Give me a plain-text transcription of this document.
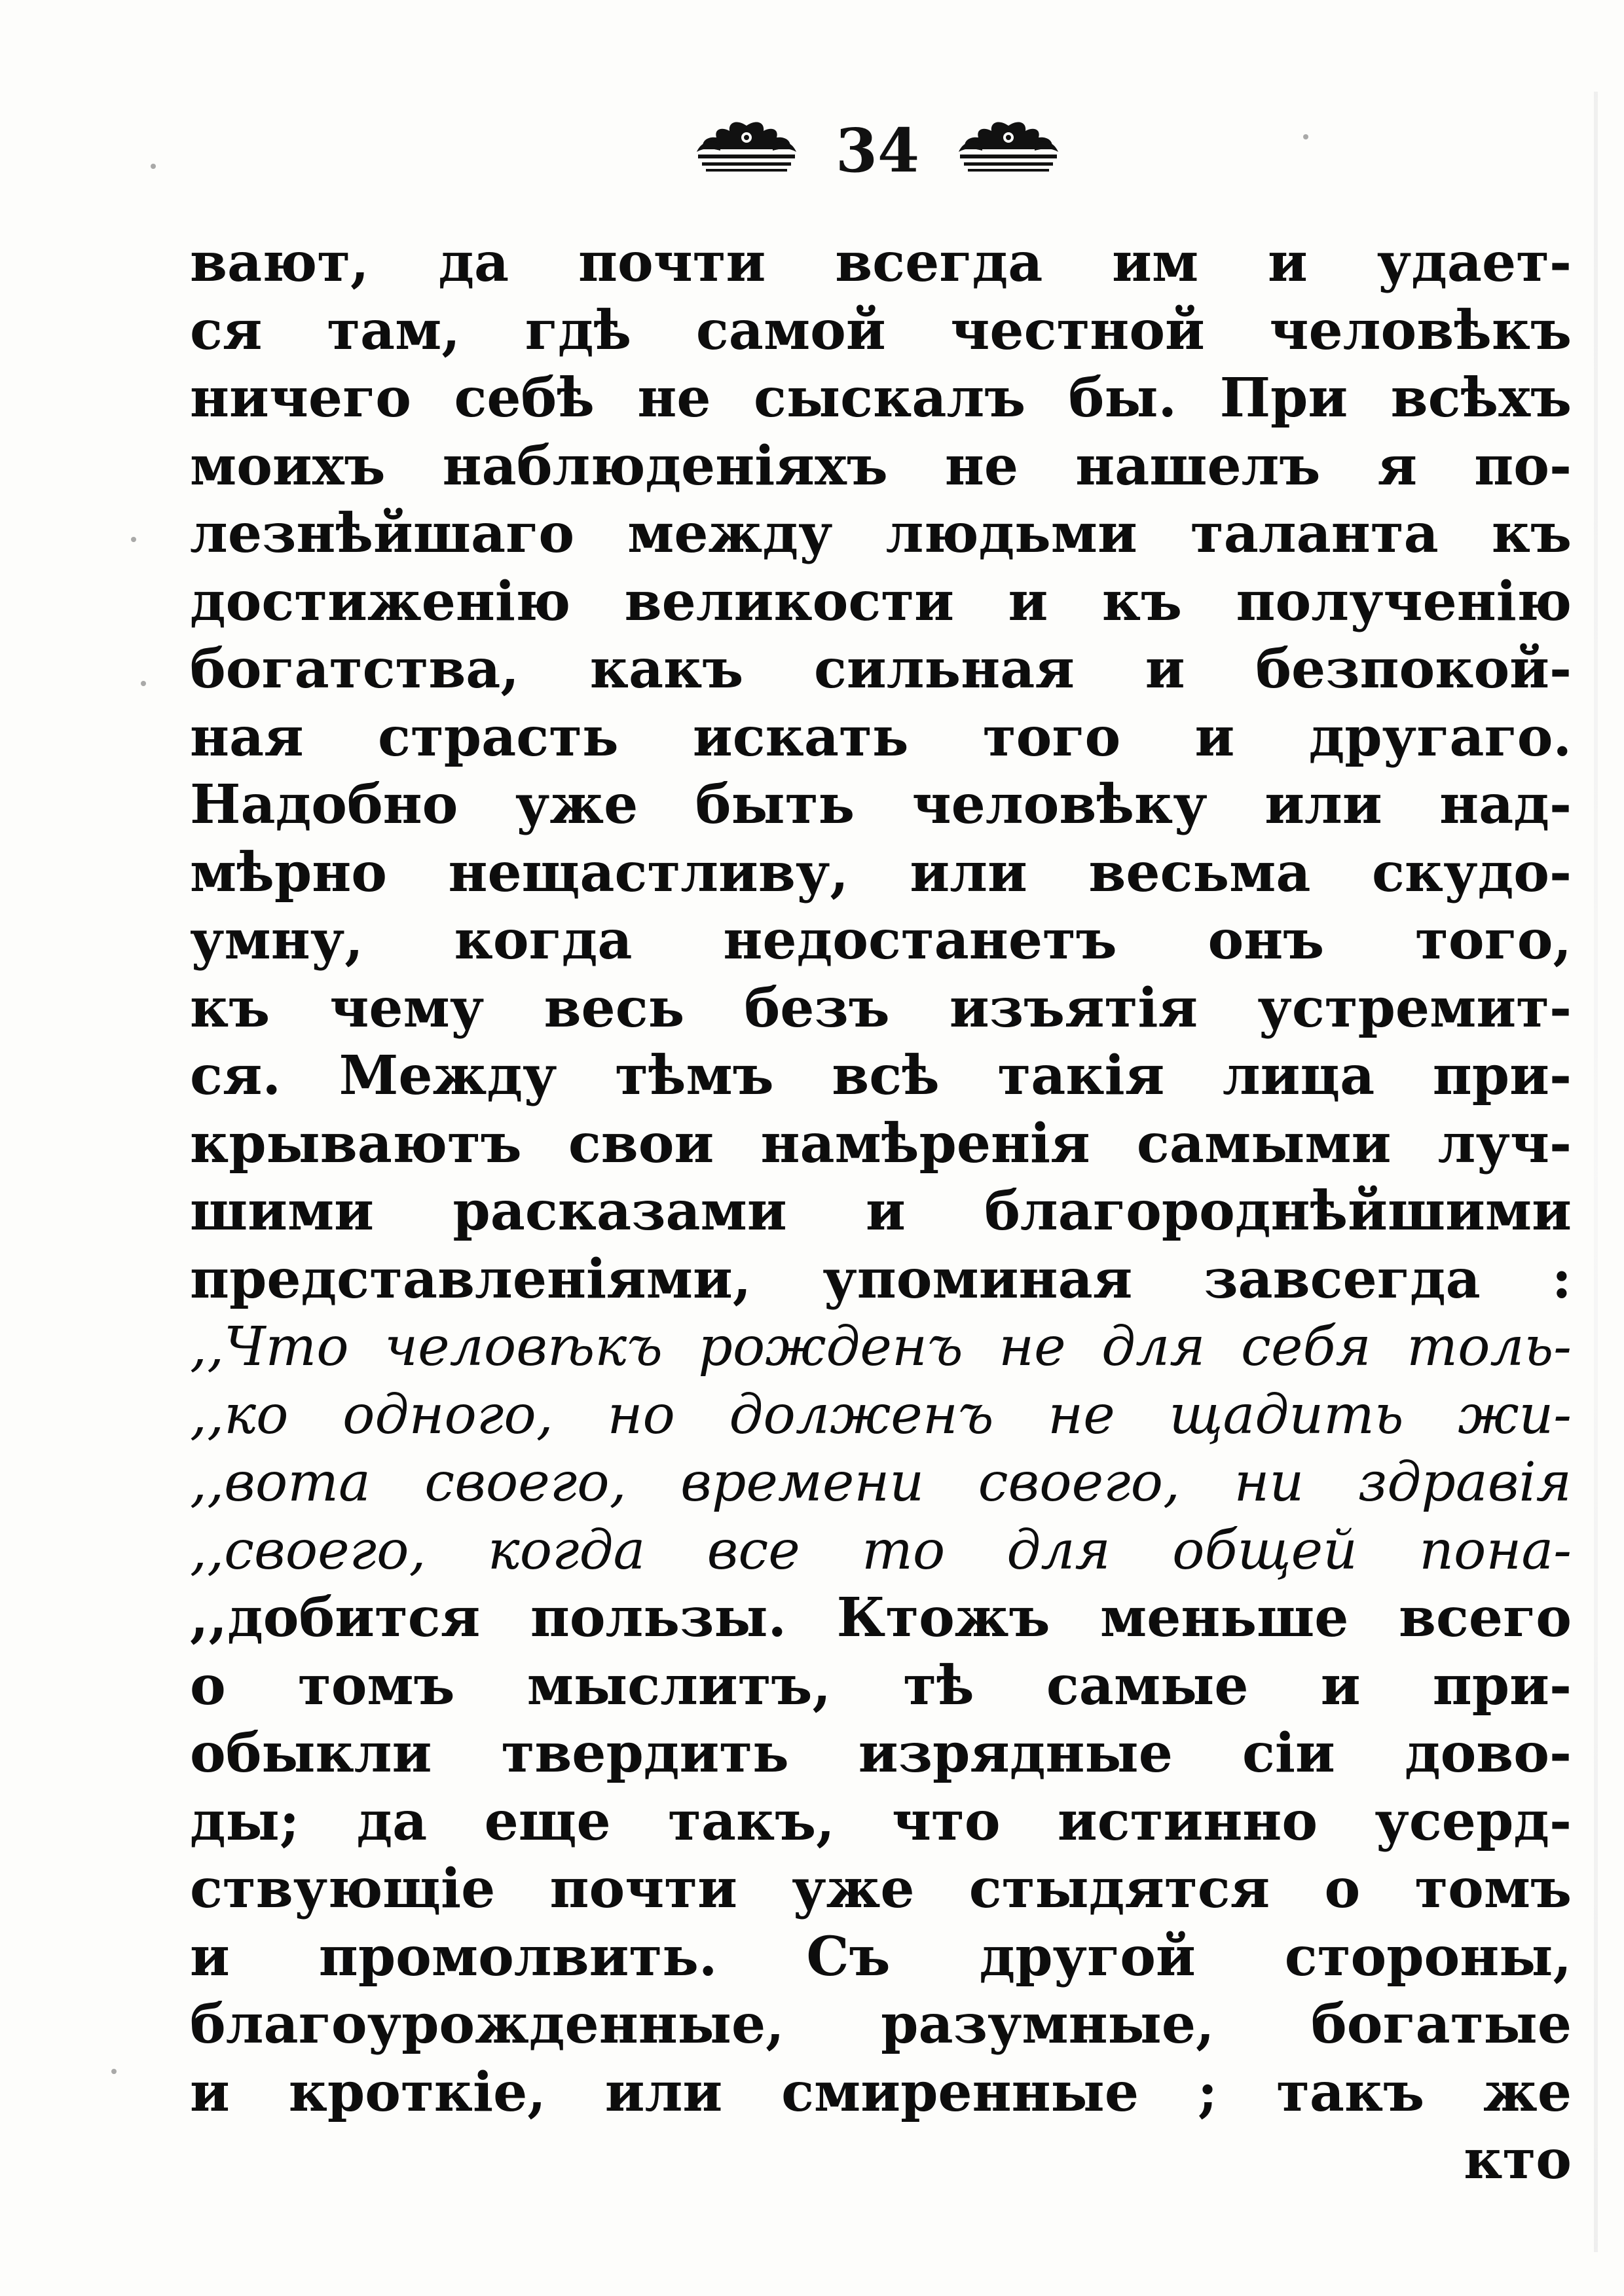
34
вают, да почти всегда им и удает-
ся там, гдѣ самой честной человѣкъ
ничего себѣ не сыскалъ бы. При всѣхъ
моихъ наблюденiяхъ не нашелъ я по-
лезнѣйшаго между людьми таланта къ
достиженiю великости и къ полученiю
богатства, какъ сильная и безпокой-
ная страсть искать того и другаго.
Надобно уже быть человѣку или над-
мѣрно нещастливу, или весьма скудо-
умну, когда недостанетъ онъ того,
къ чему весь безъ изъятiя устремит-
ся. Между тѣмъ всѣ такiя лица при-
крываютъ свои намѣренiя самыми луч-
шими расказами и благороднѣйшими
представленiями, упоминая завсегда :
,,Что человѣкъ рожденъ не для себя толь-
,,ко одного, но долженъ не щадить жи-
,,вота своего, времени своего, ни здравiя
,,своего, когда все то для общей пона-
,,добится пользы. Ктожъ меньше всего
о томъ мыслитъ, тѣ самые и при-
обыкли твердить изрядные сiи дово-
ды; да еще такъ, что истинно усерд-
ствующiе почти уже стыдятся о томъ
и промолвить. Съ другой стороны,
благоурожденные, разумные, богатые
и кроткiе, или смиренные ; такъ же
кто
